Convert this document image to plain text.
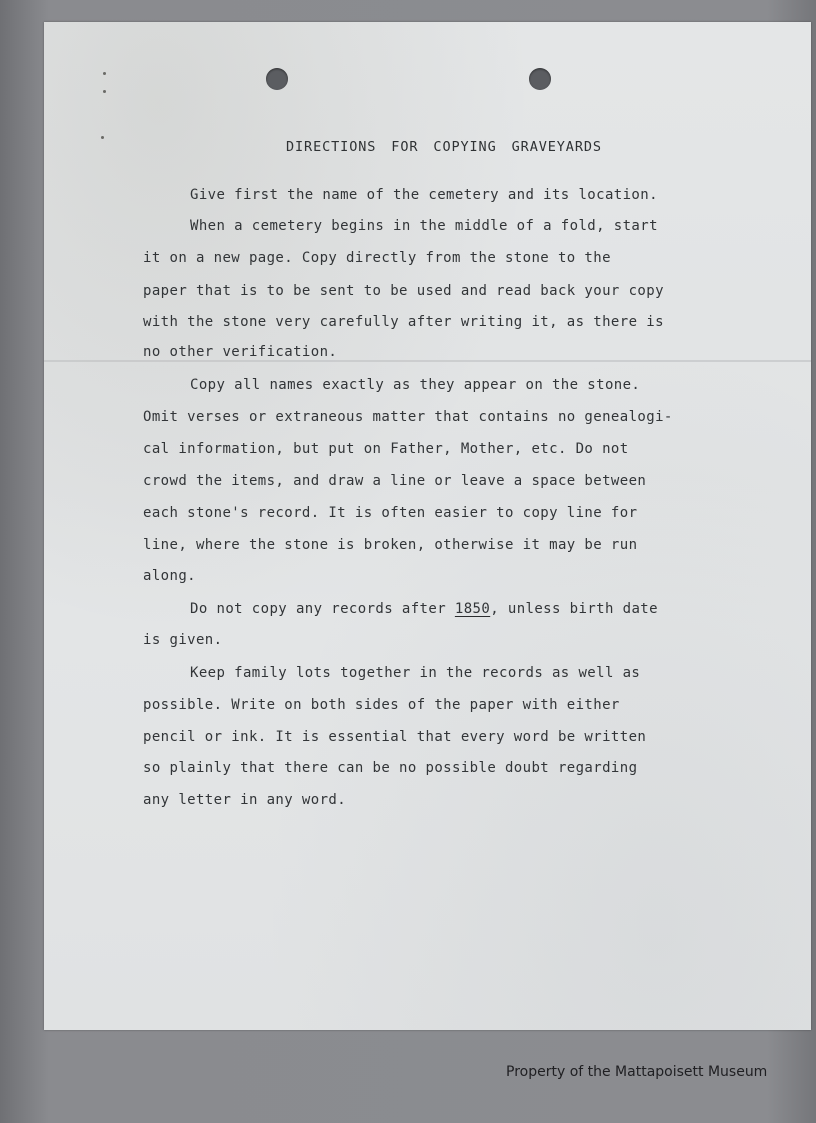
DIRECTIONS FOR COPYING GRAVEYARDS
Give first the name of the cemetery and its location.
When a cemetery begins in the middle of a fold, start
it on a new page. Copy directly from the stone to the
paper that is to be sent to be used and read back your copy
with the stone very carefully after writing it, as there is
no other verification.
Copy all names exactly as they appear on the stone.
Omit verses or extraneous matter that contains no genealogi-
cal information, but put on Father, Mother, etc. Do not
crowd the items, and draw a line or leave a space between
each stone's record. It is often easier to copy line for
line, where the stone is broken, otherwise it may be run
along.
Do not copy any records after 1850, unless birth date
is given.
Keep family lots together in the records as well as
possible. Write on both sides of the paper with either
pencil or ink. It is essential that every word be written
so plainly that there can be no possible doubt regarding
any letter in any word.
Property of the Mattapoisett Museum
